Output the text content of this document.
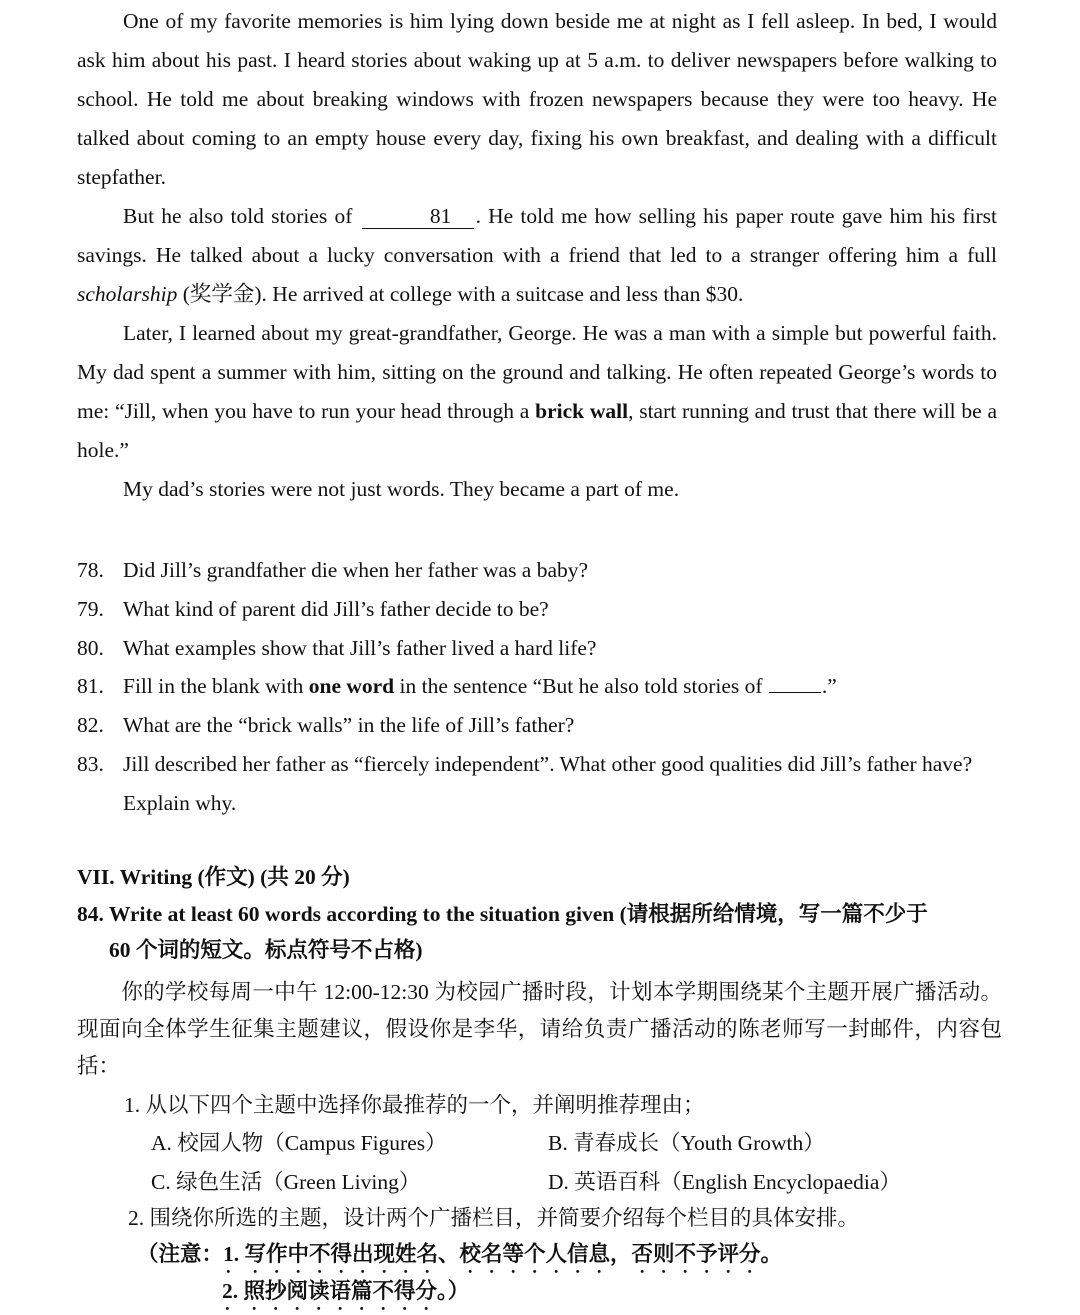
One of my favorite memories is him lying down beside me at night as I fell asleep. In bed, I would ask him about his past. I heard stories about waking up at 5 a.m. to deliver newspapers before walking to school. He told me about breaking windows with frozen newspapers because they were too heavy. He talked about coming to an empty house every day, fixing his own breakfast, and dealing with a difficult stepfather.

But he also told stories of	81 . He told me how selling his paper route gave him his first savings. He talked about a lucky conversation with a friend that led to a stranger offering him a full scholarship (奖学金). He arrived at college with a suitcase and less than $30.

Later, I learned about my great-grandfather, George. He was a man with a simple but powerful faith. My dad spent a summer with him, sitting on the ground and talking. He often repeated George’s words to me: “Jill, when you have to run your head through a brick wall, start running and trust that there will be a hole.”

My dad’s stories were not just words. They became a part of me.

78. Did Jill’s grandfather die when her father was a baby?
79. What kind of parent did Jill’s father decide to be?
80. What examples show that Jill’s father lived a hard life?
81. Fill in the blank with one word in the sentence “But he also told stories of	.”
82. What are the “brick walls” in the life of Jill’s father?
83. Jill described her father as “fiercely independent”. What other good qualities did Jill’s father have? Explain why.
VII. Writing (作文) (共 20 分)
84. Write at least 60 words according to the situation given (请根据所给情境，写一篇不少于
60 个词的短文。标点符号不占格)
你的学校每周一中午 12:00-12:30 为校园广播时段，计划本学期围绕某个主题开展广播活动。现面向全体学生征集主题建议，假设你是李华，请给负责广播活动的陈老师写一封邮件，内容包括：
1. 从以下四个主题中选择你最推荐的一个，并阐明推荐理由；
A. 校园人物（Campus Figures）	B. 青春成长（Youth Growth）
C. 绿色生活（Green Living）	D. 英语百科（English Encyclopaedia）
2. 围绕你所选的主题，设计两个广播栏目，并简要介绍每个栏目的具体安排。
（注意：1. 写作中不得出现姓名、校名等个人信息，否则不予评分。
2. 照抄阅读语篇不得分。）
